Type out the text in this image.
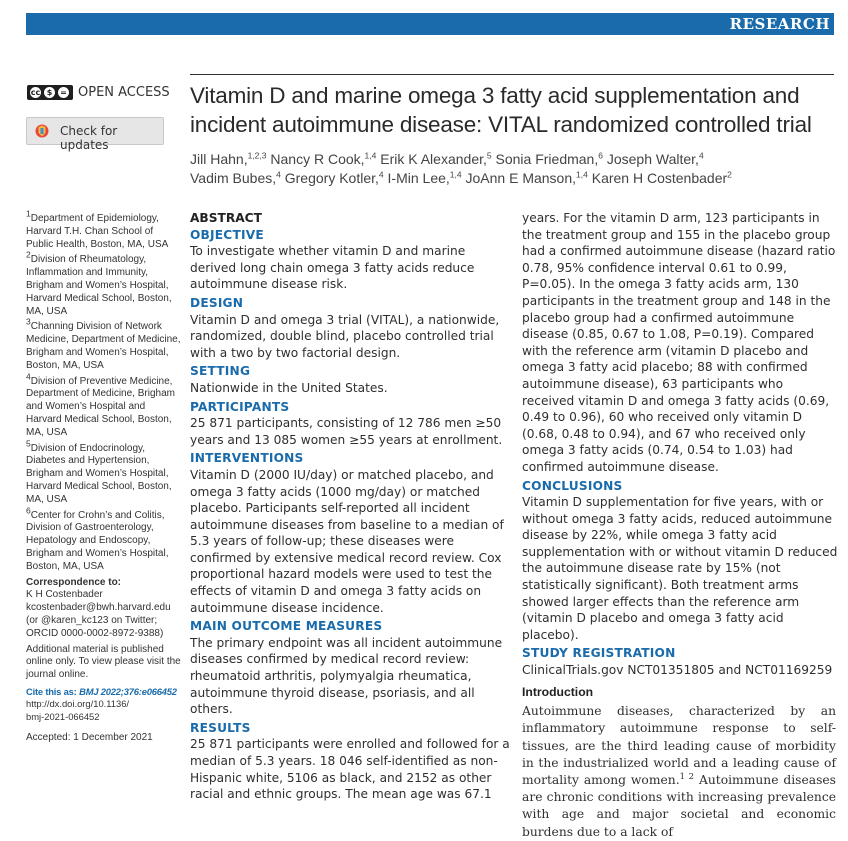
RESEARCH
cc $ = OPEN ACCESS
Check for updates
Vitamin D and marine omega 3 fatty acid supplementation and incident autoimmune disease: VITAL randomized controlled trial
Jill Hahn,$^{1,2,3}$ Nancy R Cook,$^{1,4}$ Erik K Alexander,$^5$ Sonia Friedman,$^6$ Joseph Walter,$^4$
Vadim Bubes,$^4$ Gregory Kotler,$^4$ I-Min Lee,$^{1,4}$ JoAnn E Manson,$^{1,4}$ Karen H Costenbader$^2$

$^1$Department of Epidemiology, Harvard T.H. Chan School of Public Health, Boston, MA, USA

$^2$Division of Rheumatology, Inflammation and Immunity, Brigham and Women’s Hospital, Harvard Medical School, Boston, MA, USA

$^3$Channing Division of Network Medicine, Department of Medicine, Brigham and Women’s Hospital, Boston, MA, USA

$^4$Division of Preventive Medicine, Department of Medicine, Brigham and Women’s Hospital and Harvard Medical School, Boston, MA, USA

$^5$Division of Endocrinology, Diabetes and Hypertension, Brigham and Women’s Hospital, Harvard Medical School, Boston, MA, USA

$^6$Center for Crohn’s and Colitis, Division of Gastroenterology, Hepatology and Endoscopy, Brigham and Women’s Hospital, Boston, MA, USA

Correspondence to:
K H Costenbader
kcostenbader@bwh.harvard.edu
(or @karen_kc123 on Twitter;
ORCID 0000-0002-8972-9388)

Additional material is published online only. To view please visit the journal online.

Cite this as: BMJ 2022;376:e066452
http://dx.doi.org/10.1136/
bmj-2021-066452

Accepted: 1 December 2021

ABSTRACT
OBJECTIVE

To investigate whether vitamin D and marine derived long chain omega 3 fatty acids reduce autoimmune disease risk.

DESIGN

Vitamin D and omega 3 trial (VITAL), a nationwide, randomized, double blind, placebo controlled trial with a two by two factorial design.

SETTING

Nationwide in the United States.

PARTICIPANTS

25 871 participants, consisting of 12 786 men ≥50 years and 13 085 women ≥55 years at enrollment.

INTERVENTIONS

Vitamin D (2000 IU/day) or matched placebo, and omega 3 fatty acids (1000 mg/day) or matched placebo. Participants self-reported all incident autoimmune diseases from baseline to a median of 5.3 years of follow-up; these diseases were confirmed by extensive medical record review. Cox proportional hazard models were used to test the effects of vitamin D and omega 3 fatty acids on autoimmune disease incidence.

MAIN OUTCOME MEASURES

The primary endpoint was all incident autoimmune diseases confirmed by medical record review: rheumatoid arthritis, polymyalgia rheumatica, autoimmune thyroid disease, psoriasis, and all others.

RESULTS

25 871 participants were enrolled and followed for a median of 5.3 years. 18 046 self-identified as non-Hispanic white, 5106 as black, and 2152 as other racial and ethnic groups. The mean age was 67.1

years. For the vitamin D arm, 123 participants in the treatment group and 155 in the placebo group had a confirmed autoimmune disease (hazard ratio 0.78, 95% confidence interval 0.61 to 0.99, P=0.05). In the omega 3 fatty acids arm, 130 participants in the treatment group and 148 in the placebo group had a confirmed autoimmune disease (0.85, 0.67 to 1.08, P=0.19). Compared with the reference arm (vitamin D placebo and omega 3 fatty acid placebo; 88 with confirmed autoimmune disease), 63 participants who received vitamin D and omega 3 fatty acids (0.69, 0.49 to 0.96), 60 who received only vitamin D (0.68, 0.48 to 0.94), and 67 who received only omega 3 fatty acids (0.74, 0.54 to 1.03) had confirmed autoimmune disease.

CONCLUSIONS

Vitamin D supplementation for five years, with or without omega 3 fatty acids, reduced autoimmune disease by 22%, while omega 3 fatty acid supplementation with or without vitamin D reduced the autoimmune disease rate by 15% (not statistically significant). Both treatment arms showed larger effects than the reference arm (vitamin D placebo and omega 3 fatty acid placebo).

STUDY REGISTRATION

ClinicalTrials.gov NCT01351805 and NCT01169259

Introduction

Autoimmune diseases, characterized by an inflammatory autoimmune response to self-tissues, are the third leading cause of morbidity in the industrialized world and a leading cause of mortality among women.$^{1 2}$ Autoimmune diseases are chronic conditions with increasing prevalence with age and major societal and economic burdens due to a lack of
